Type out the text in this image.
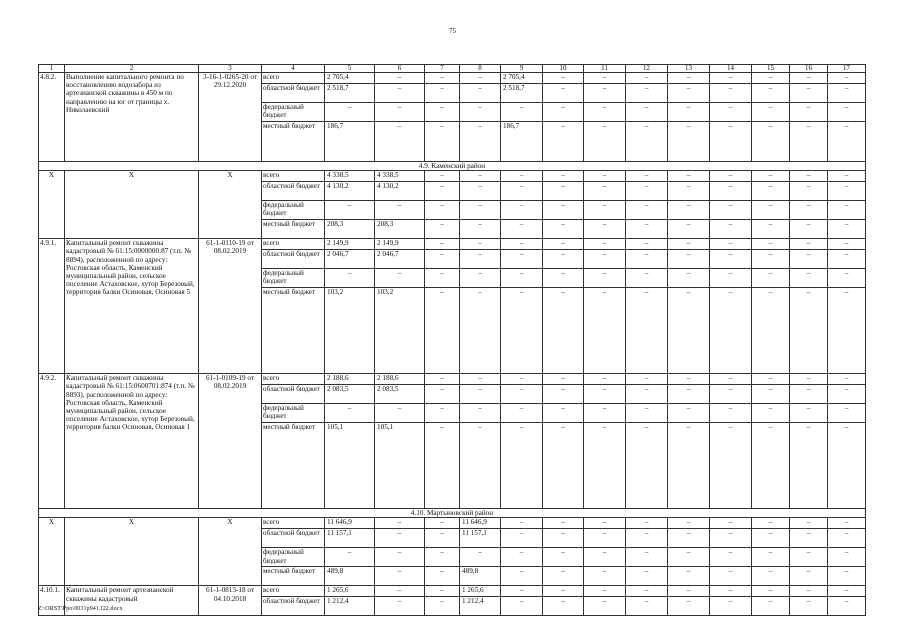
75
1	2	3	4	5	6	7	8	9	10	11	12	13	14	15	16	17
4.8.2.	Выполнение капитального ремонта по восстановлению водозабора из артезианской скважины в 450 м по направлению на юг от границы х. Николаевский	3-16-1-0265-20 от 29.12.2020	всего	2 705,4	–	–	–	2 705,4	–	–	–	–	–	–	–	–
			областной бюджет	2 518,7	–	–	–	2 518,7	–	–	–	–	–	–	–	–
			федеральный бюджет	–	–	–	–	–	–	–	–	–	–	–	–	–
			местный бюджет	186,7	–	–	–	186,7	–	–	–	–	–	–	–	–
4.9. Каменский район																
Х	Х	Х	всего	4 338,5	4 338,5	–	–	–	–	–	–	–	–	–	–	–
			областной бюджет	4 130,2	4 130,2	–	–	–	–	–	–	–	–	–	–	–
			федеральный бюджет	–	–	–	–	–	–	–	–	–	–	–	–	–
			местный бюджет	208,3	208,3	–	–	–	–	–	–	–	–	–	–	–
4.9.1.	Капитальный ремонт скважины кадастровый № 61:15:0000000:87 (т.п. № 8894), расположенной по адресу: Ростовская область, Каменский муниципальный район, сельское поселение Астаховское, хутор Березовый, территория балки Осиновая, Осиновая 5	61-1-0110-19 от 08.02.2019	всего	2 149,9	2 149,9	–	–	–	–	–	–	–	–	–	–	–
			областной бюджет	2 046,7	2 046,7	–	–	–	–	–	–	–	–	–	–	–
			федеральный бюджет	–	–	–	–	–	–	–	–	–	–	–	–	–
			местный бюджет	103,2	103,2	–	–	–	–	–	–	–	–	–	–	–
4.9.2.	Капитальный ремонт скважины кадастровый № 61:15:0600701:874 (т.п. № 8893), расположенной по адресу: Ростовская область, Каменский муниципальный район, сельское поселение Астаховское, хутор Березовый, территория балки Осиновая, Осиновая 1	61-1-0109-19 от 08.02.2019	всего	2 188,6	2 188,6	–	–	–	–	–	–	–	–	–	–	–
			областной бюджет	2 083,5	2 083,5	–	–	–	–	–	–	–	–	–	–	–
			федеральный бюджет	–	–	–	–	–	–	–	–	–	–	–	–	–
			местный бюджет	105,1	105,1	–	–	–	–	–	–	–	–	–	–	–
4.10. Мартыновский район																
Х	Х	Х	всего	11 646,9	–	–	11 646,9	–	–	–	–	–	–	–	–	–
			областной бюджет	11 157,1	–	–	11 157,1	–	–	–	–	–	–	–	–	–
			федеральный бюджет	–	–	–	–	–	–	–	–	–	–	–	–	–
			местный бюджет	489,8	–	–	489,8	–	–	–	–	–	–	–	–	–
4.10.1.	Капитальный ремонт артезианской скважины кадастровый	61-1-0813-18 от 04.10.2018	всего	1 265,6	–	–	1 265,6	–	–	–	–	–	–	–	–	–
			областной бюджет	1 212,4	–	–	1 212,4	–	–	–	–	–	–	–	–	–
Z:\ORST\Ppo\0031p941.f22.docx
